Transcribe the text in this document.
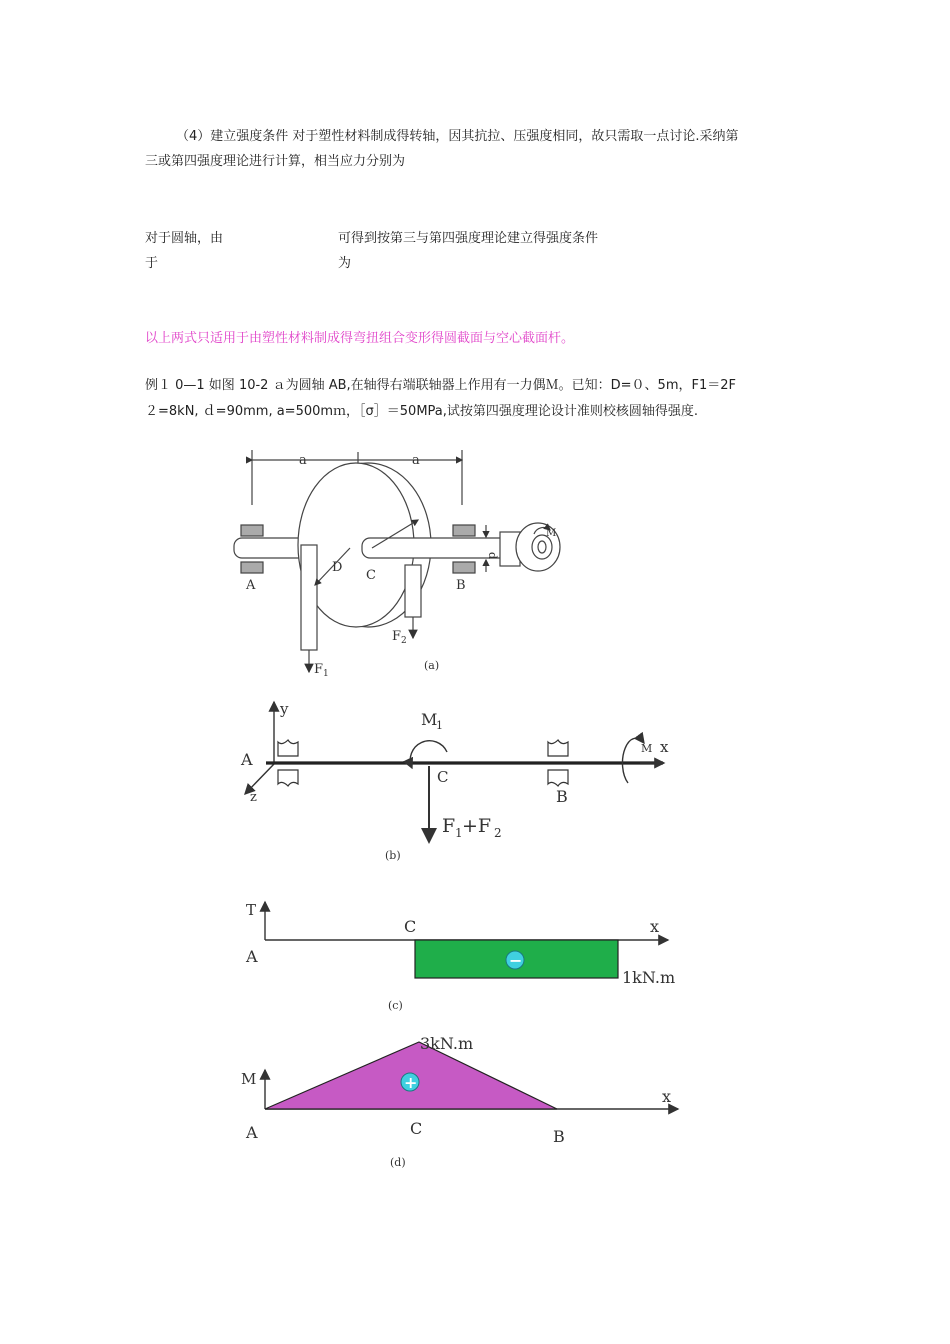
（4）建立强度条件 对于塑性材料制成得转轴，因其抗拉、压强度相同，故只需取一点讨论.采纳第
三或第四强度理论进行计算，相当应力分别为
对于圆轴，由
于
可得到按第三与第四强度理论建立得强度条件
为
以上两式只适用于由塑性材料制成得弯扭组合变形得圆截面与空心截面杆。
例１ 0—1 如图 10-2 ａ为圆轴 AB,在轴得右端联轴器上作用有一力偶Ｍ。已知：D=０、5m，F1＝2F
２=8kN, ｄ=90mm, a=500mｍ，［σ］＝50MPa,试按第四强度理论设计准则校核圆轴得强度.
a	a
A	B
C
D
d
M
F 1
F 2
(a)
y
z
x
A
B
C
M
1
M
F 1 +F 2
(b)
T
A
C	x
1kN.m
−
(c)
M
A	C	B
x
3kN.m
+
(d)
